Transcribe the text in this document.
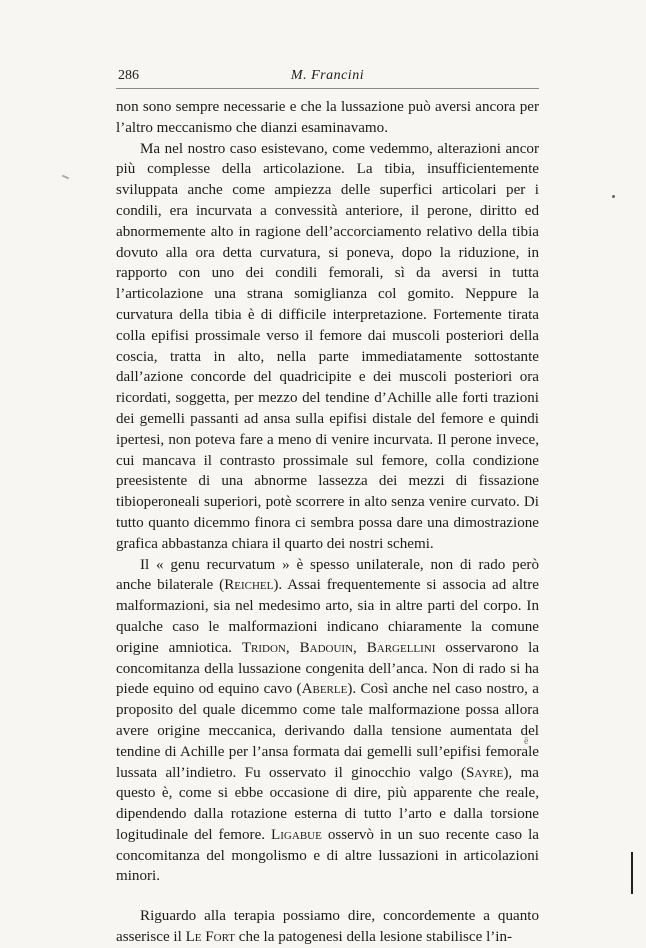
286	M. Francini

non sono sempre necessarie e che la lussazione può aversi ancora per l’altro meccanismo che dianzi esaminavamo.

Ma nel nostro caso esistevano, come vedemmo, alterazioni ancor più complesse della articolazione. La tibia, insufficientemente sviluppata anche come ampiezza delle superfici articolari per i condili, era incurvata a convessità anteriore, il perone, diritto ed abnormemente alto in ragione dell’accorciamento relativo della tibia dovuto alla ora detta curvatura, si poneva, dopo la riduzione, in rapporto con uno dei condili femorali, sì da aversi in tutta l’articolazione una strana somiglianza col gomito. Neppure la curvatura della tibia è di difficile interpretazione. Fortemente tirata colla epifisi prossimale verso il femore dai muscoli posteriori della coscia, tratta in alto, nella parte immediatamente sottostante dall’azione concorde del quadricipite e dei muscoli posteriori ora ricordati, soggetta, per mezzo del tendine d’Achille alle forti trazioni dei gemelli passanti ad ansa sulla epifisi distale del femore e quindi ipertesi, non poteva fare a meno di venire incurvata. Il perone invece, cui mancava il contrasto prossimale sul femore, colla condizione preesistente di una abnorme lassezza dei mezzi di fissazione tibioperoneali superiori, potè scorrere in alto senza venire curvato. Di tutto quanto dicemmo finora ci sembra possa dare una dimostrazione grafica abbastanza chiara il quarto dei nostri schemi.

Il « genu recurvatum » è spesso unilaterale, non di rado però anche bilaterale (Reichel). Assai frequentemente si associa ad altre malformazioni, sia nel medesimo arto, sia in altre parti del corpo. In qualche caso le malformazioni indicano chiaramente la comune origine amniotica. Tridon, Badouin, Bargellini osservarono la concomitanza della lussazione congenita dell’anca. Non di rado si ha piede equino od equino cavo (Aberle). Così anche nel caso nostro, a proposito del quale dicemmo come tale malformazione possa allora avere origine meccanica, derivando dalla tensione aumentata del tendine di Achille per l’ansa formata dai gemelli sull’epifisi femorale lussata all’indietro. Fu osservato il ginocchio valgo (Sayre), ma questo è, come si ebbe occasione di dire, più apparente che reale, dipendendo dalla rotazione esterna di tutto l’arto e dalla torsione logitudinale del femore. Ligabue osservò in un suo recente caso la concomitanza del mongolismo e di altre lussazioni in articolazioni minori.

Riguardo alla terapia possiamo dire, concordemente a quanto asserisce il Le Fort che la patogenesi della lesione stabilisce l’in-

ē
